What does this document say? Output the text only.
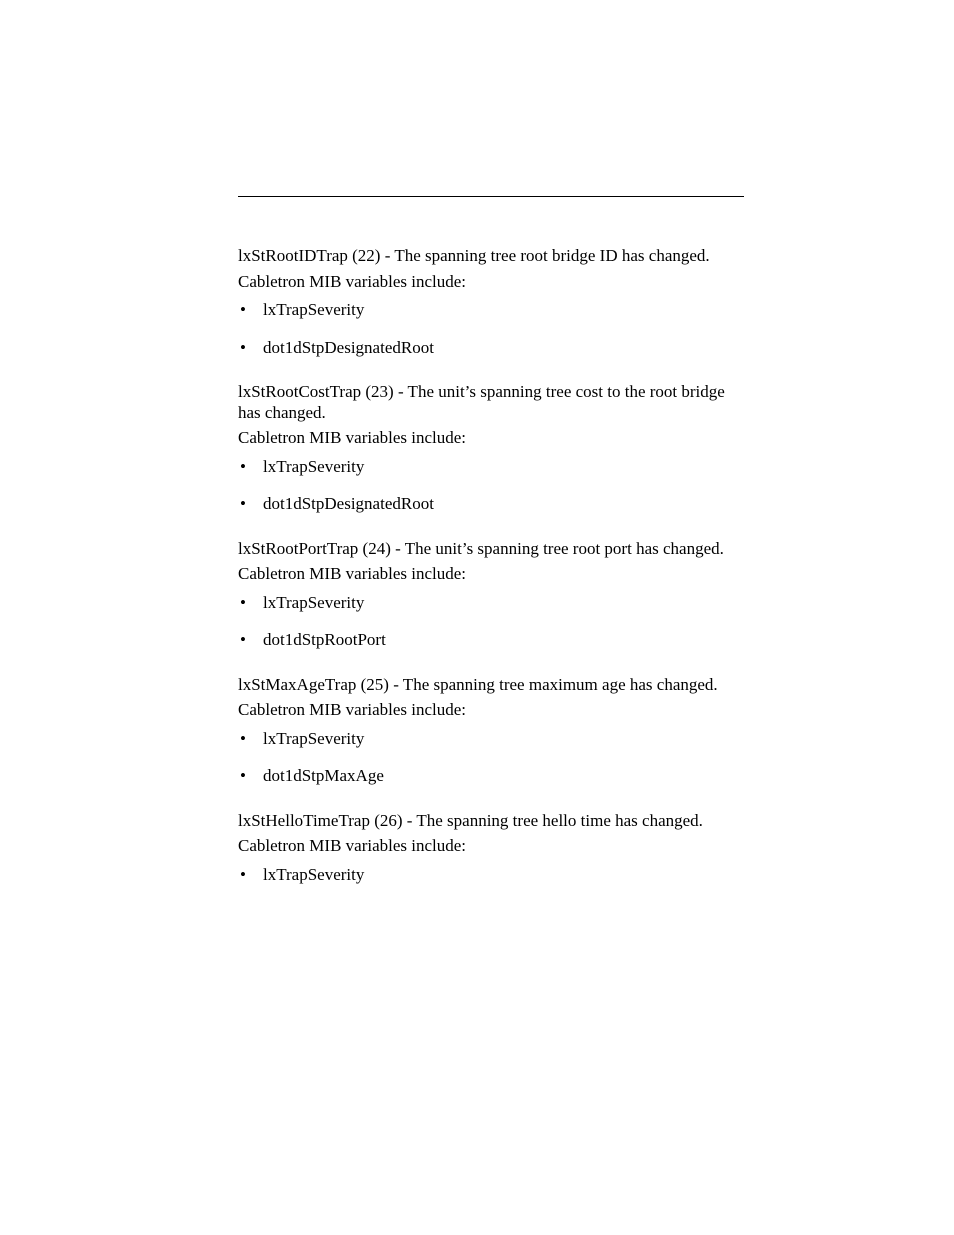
lxStRootIDTrap (22) - The spanning tree root bridge ID has changed.

Cabletron MIB variables include:

• lxTrapSeverity
• dot1dStpDesignatedRoot

lxStRootCostTrap (23) - The unit’s spanning tree cost to the root bridge has changed.

Cabletron MIB variables include:

• lxTrapSeverity
• dot1dStpDesignatedRoot

lxStRootPortTrap (24) - The unit’s spanning tree root port has changed.

Cabletron MIB variables include:

• lxTrapSeverity
• dot1dStpRootPort

lxStMaxAgeTrap (25) - The spanning tree maximum age has changed.

Cabletron MIB variables include:

• lxTrapSeverity
• dot1dStpMaxAge

lxStHelloTimeTrap (26) - The spanning tree hello time has changed.

Cabletron MIB variables include:

• lxTrapSeverity
